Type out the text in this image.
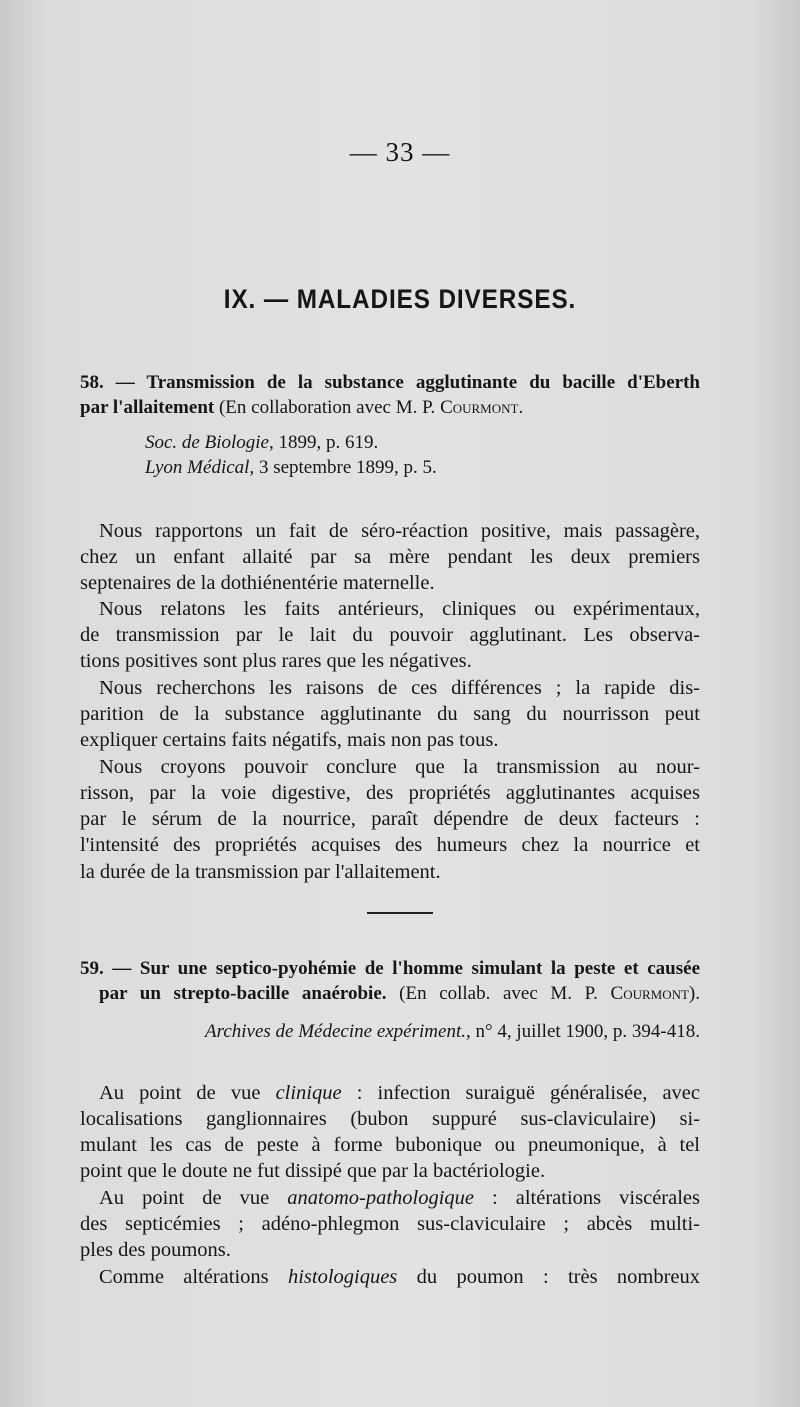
— 33 —
IX. — MALADIES DIVERSES.
58. — Transmission de la substance agglutinante du bacille d'Eberth
par l'allaitement (En collaboration avec M. P. Courmont.
Soc. de Biologie, 1899, p. 619.
Lyon Médical, 3 septembre 1899, p. 5.
Nous rapportons un fait de séro-réaction positive, mais passagère,
chez un enfant allaité par sa mère pendant les deux premiers
septenaires de la dothiénentérie maternelle.
Nous relatons les faits antérieurs, cliniques ou expérimentaux,
de transmission par le lait du pouvoir agglutinant. Les observa-
tions positives sont plus rares que les négatives.
Nous recherchons les raisons de ces différences ; la rapide dis-
parition de la substance agglutinante du sang du nourrisson peut
expliquer certains faits négatifs, mais non pas tous.
Nous croyons pouvoir conclure que la transmission au nour-
risson, par la voie digestive, des propriétés agglutinantes acquises
par le sérum de la nourrice, paraît dépendre de deux facteurs :
l'intensité des propriétés acquises des humeurs chez la nourrice et
la durée de la transmission par l'allaitement.
59. — Sur une septico-pyohémie de l'homme simulant la peste et causée
par un strepto-bacille anaérobie. (En collab. avec M. P. Courmont).
Archives de Médecine expériment., n° 4, juillet 1900, p. 394-418.
Au point de vue clinique : infection suraiguë généralisée, avec
localisations ganglionnaires (bubon suppuré sus-claviculaire) si-
mulant les cas de peste à forme bubonique ou pneumonique, à tel
point que le doute ne fut dissipé que par la bactériologie.
Au point de vue anatomo-pathologique : altérations viscérales
des septicémies ; adéno-phlegmon sus-claviculaire ; abcès multi-
ples des poumons.
Comme altérations histologiques du poumon : très nombreux
